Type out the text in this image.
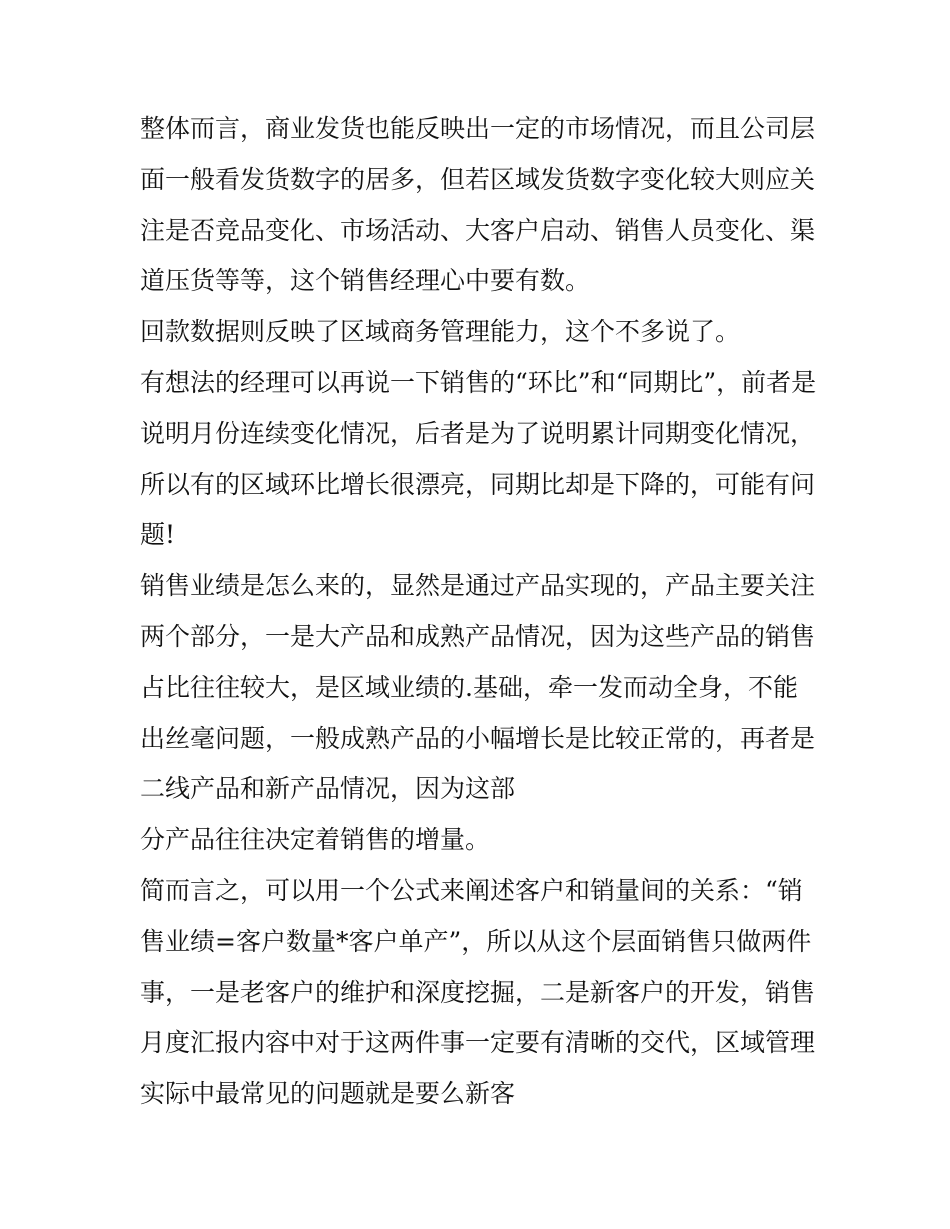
整体而言，商业发货也能反映出一定的市场情况，而且公司层
面一般看发货数字的居多，但若区域发货数字变化较大则应关
注是否竞品变化、市场活动、大客户启动、销售人员变化、渠
道压货等等，这个销售经理心中要有数。
回款数据则反映了区域商务管理能力，这个不多说了。
有想法的经理可以再说一下销售的“环比”和“同期比”，前者是
说明月份连续变化情况，后者是为了说明累计同期变化情况，
所以有的区域环比增长很漂亮，同期比却是下降的，可能有问
题!
销售业绩是怎么来的，显然是通过产品实现的，产品主要关注
两个部分，一是大产品和成熟产品情况，因为这些产品的销售
占比往往较大，是区域业绩的.基础，牵一发而动全身，不能
出丝毫问题，一般成熟产品的小幅增长是比较正常的，再者是
二线产品和新产品情况，因为这部
分产品往往决定着销售的增量。
简而言之，可以用一个公式来阐述客户和销量间的关系：“销
售业绩=客户数量*客户单产”，所以从这个层面销售只做两件
事，一是老客户的维护和深度挖掘，二是新客户的开发，销售
月度汇报内容中对于这两件事一定要有清晰的交代，区域管理
实际中最常见的问题就是要么新客
